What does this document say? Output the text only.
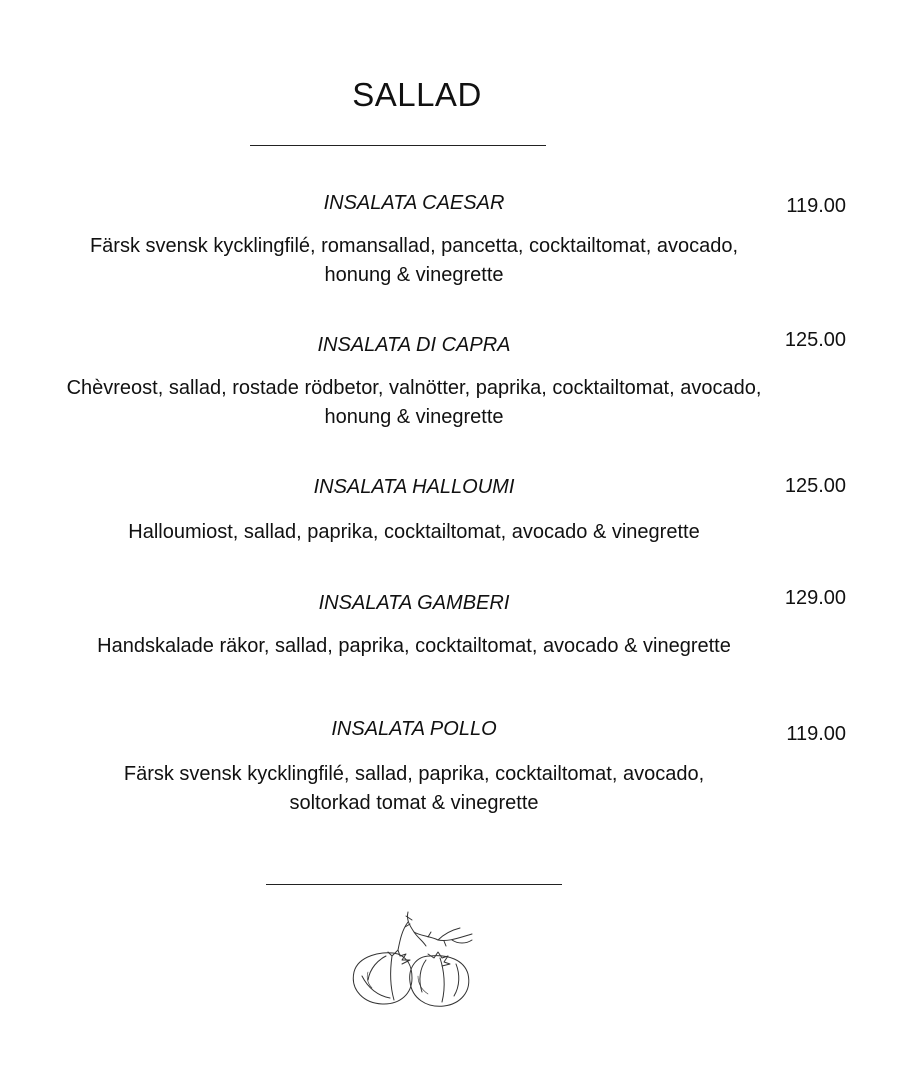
SALLAD
INSALATA CAESAR	119.00
Färsk svensk kycklingfilé, romansallad, pancetta, cocktailtomat, avocado,
honung & vinegrette
INSALATA DI CAPRA	125.00
Chèvreost, sallad, rostade rödbetor, valnötter, paprika, cocktailtomat, avocado,
honung & vinegrette
INSALATA HALLOUMI	125.00
Halloumiost, sallad, paprika, cocktailtomat, avocado & vinegrette
INSALATA GAMBERI	129.00
Handskalade räkor, sallad, paprika, cocktailtomat, avocado & vinegrette
INSALATA POLLO	119.00
Färsk svensk kycklingfilé, sallad, paprika, cocktailtomat, avocado,
soltorkad tomat & vinegrette
